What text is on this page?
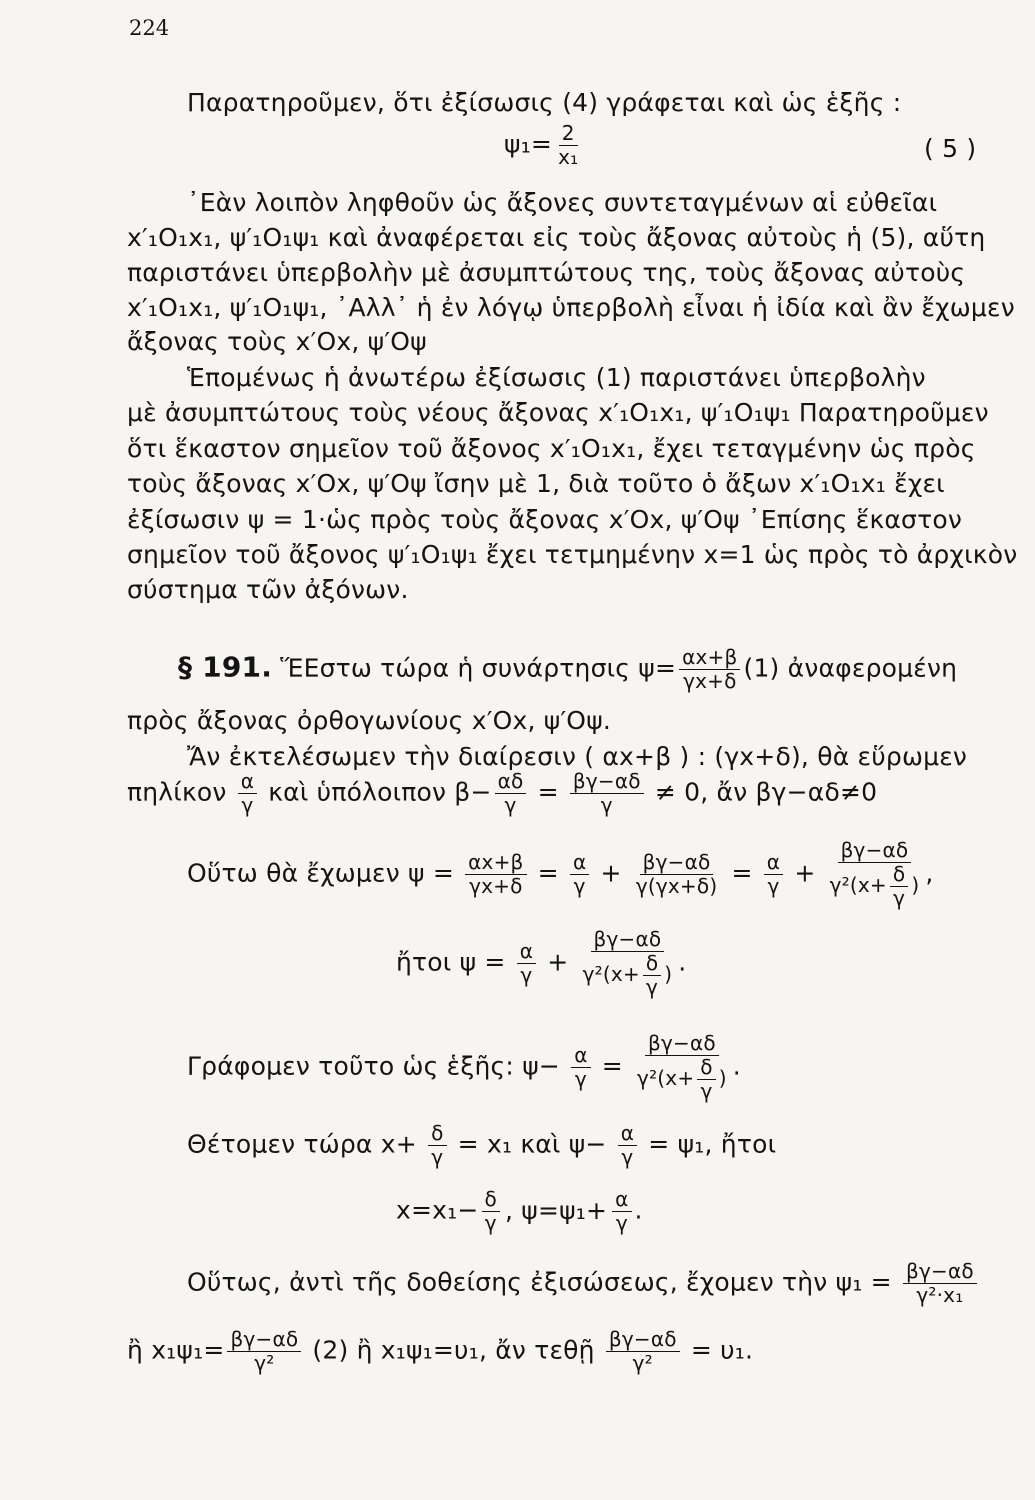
224
Παρατηροῦμεν, ὅτι ἐξίσωσις (4) γράφεται καὶ ὡς ἑξῆς :
$\psi_1= \frac{2}{\text{x₁}}$	( 5 )
᾿Εὰν λοιπὸν ληφθοῦν ὡς ἄξονες συντεταγμένων αἱ εὐθεῖαι
x′₁O₁x₁, ψ′₁O₁ψ₁ καὶ ἀναφέρεται εἰς τοὺς ἄξονας αὐτοὺς ἡ (5), αὕτη
παριστάνει ὑπερβολὴν μὲ ἀσυμπτώτους της, τοὺς ἄξονας αὐτοὺς
x′₁O₁x₁, ψ′₁O₁ψ₁, ᾿Αλλ᾿ ἡ ἐν λόγῳ ὑπερβολὴ εἶναι ἡ ἰδία καὶ ἂν ἔχωμεν
ἄξονας τοὺς x′Ox, ψ′Oψ
Ἑπομένως ἡ ἀνωτέρω ἐξίσωσις (1) παριστάνει ὑπερβολὴν
μὲ ἀσυμπτώτους τοὺς νέους ἄξονας x′₁O₁x₁, ψ′₁O₁ψ₁ Παρατηροῦμεν
ὅτι ἕκαστον σημεῖον τοῦ ἄξονος x′₁O₁x₁, ἔχει τεταγμένην ὡς πρὸς
τοὺς ἄξονας x′Ox, ψ′Oψ ἴσην μὲ 1, διὰ τοῦτο ὁ ἄξων x′₁O₁x₁ ἔχει
ἐξίσωσιν ψ = 1·ὡς πρὸς τοὺς ἄξονας x′Ox, ψ′Oψ ᾿Επίσης ἕκαστον
σημεῖον τοῦ ἄξονος ψ′₁O₁ψ₁ ἔχει τετμημένην x=1 ὡς πρὸς τὸ ἀρχικὸν
σύστημα τῶν ἀξόνων.
§ 191. ἝΕστω τώρα ἡ συνάρτησις $\psi= \frac{\alpha x+\beta}{\gamma x+\delta} (1)$ ἀναφερομένη
πρὸς ἄξονας ὀρθογωνίους x′Ox, ψ′Oψ.
Ἄν ἐκτελέσωμεν τὴν διαίρεσιν ( αx+β ) : (γx+δ), θὰ εὕρωμεν
πηλίκον $\frac{\alpha}{\gamma}$ καὶ ὑπόλοιπον $\beta- \frac{\alpha\delta}{\gamma} = \frac{\beta\gamma-\alpha\delta}{\gamma} \ne 0$, ἄν βγ−αδ≠0
Οὕτω θὰ ἔχωμεν $\psi = \frac{\alpha x+\beta}{\gamma x+\delta} = \frac{\alpha}{\gamma} + \frac{\beta\gamma-\alpha\delta}{\gamma(\gamma x+\delta)} = \frac{\alpha}{\gamma} + \frac{\beta\gamma-\alpha\delta}{\gamma^2(x+ \frac{\delta}{\gamma} )}$ ,
ἤτοι $\psi = \frac{\alpha}{\gamma} + \frac{\beta\gamma-\alpha\delta}{\gamma^2(x+ \frac{\delta}{\gamma} )}$ .
Γράφομεν τοῦτο ὡς ἑξῆς: $\psi- \frac{\alpha}{\gamma} = \frac{\beta\gamma-\alpha\delta}{\gamma^2(x+ \frac{\delta}{\gamma} )}$ .
Θέτομεν τώρα $x+ \frac{\delta}{\gamma} = x_1$ καὶ $\psi- \frac{\alpha}{\gamma} = \psi_1$, ἤτοι
$x=x_1- \frac{\delta}{\gamma}$ , $\psi=\psi_1+ \frac{\alpha}{\gamma}$ .
Οὕτως, ἀντὶ τῆς δοθείσης ἐξισώσεως, ἔχομεν τὴν $\psi_1 = \frac{\beta\gamma-\alpha\delta}{\text{γ²·x₁}}$
ἢ $x_1\psi_1= \frac{\beta\gamma-\alpha\delta}{\text{γ²}} (2)$ ἢ x₁ψ₁=υ₁, ἄν τεθῇ $\frac{\beta\gamma-\alpha\delta}{\text{γ²}} = \upsilon_1$.
